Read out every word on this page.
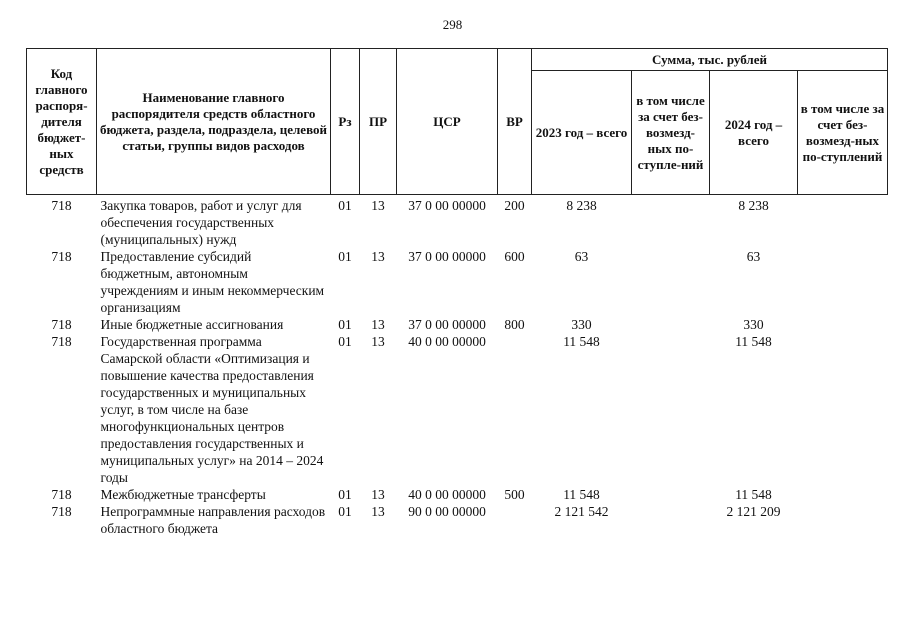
298
Код главного распоря-дителя бюджет-ных средств	Наименование главного распорядителя средств областного бюджета, раздела, подраздела, целевой статьи, группы видов расходов	Рз	ПР	ЦСР	ВР	Сумма, тыс. рублей			
						2023 год – всего	в том числе за счет без-возмезд-ных по-ступле-ний	2024 год – всего	в том числе за счет без-возмезд-ных по-ступлений
718	Закупка товаров, работ и услуг для обеспечения государственных (муниципальных) нужд	01	13	37 0 00 00000	200	8 238		8 238	
718	Предоставление субсидий бюджетным, автономным учреждениям и иным некоммерческим организациям	01	13	37 0 00 00000	600	63		63	
718	Иные бюджетные ассигнования	01	13	37 0 00 00000	800	330		330	
718	Государственная программа Самарской области «Оптимизация и повышение качества предоставления государственных и муниципальных услуг, в том числе на базе многофункциональных центров предоставления государственных и муниципальных услуг» на 2014 – 2024 годы	01	13	40 0 00 00000		11 548		11 548	
718	Межбюджетные трансферты	01	13	40 0 00 00000	500	11 548		11 548	
718	Непрограммные направления расходов областного бюджета	01	13	90 0 00 00000		2 121 542		2 121 209	
